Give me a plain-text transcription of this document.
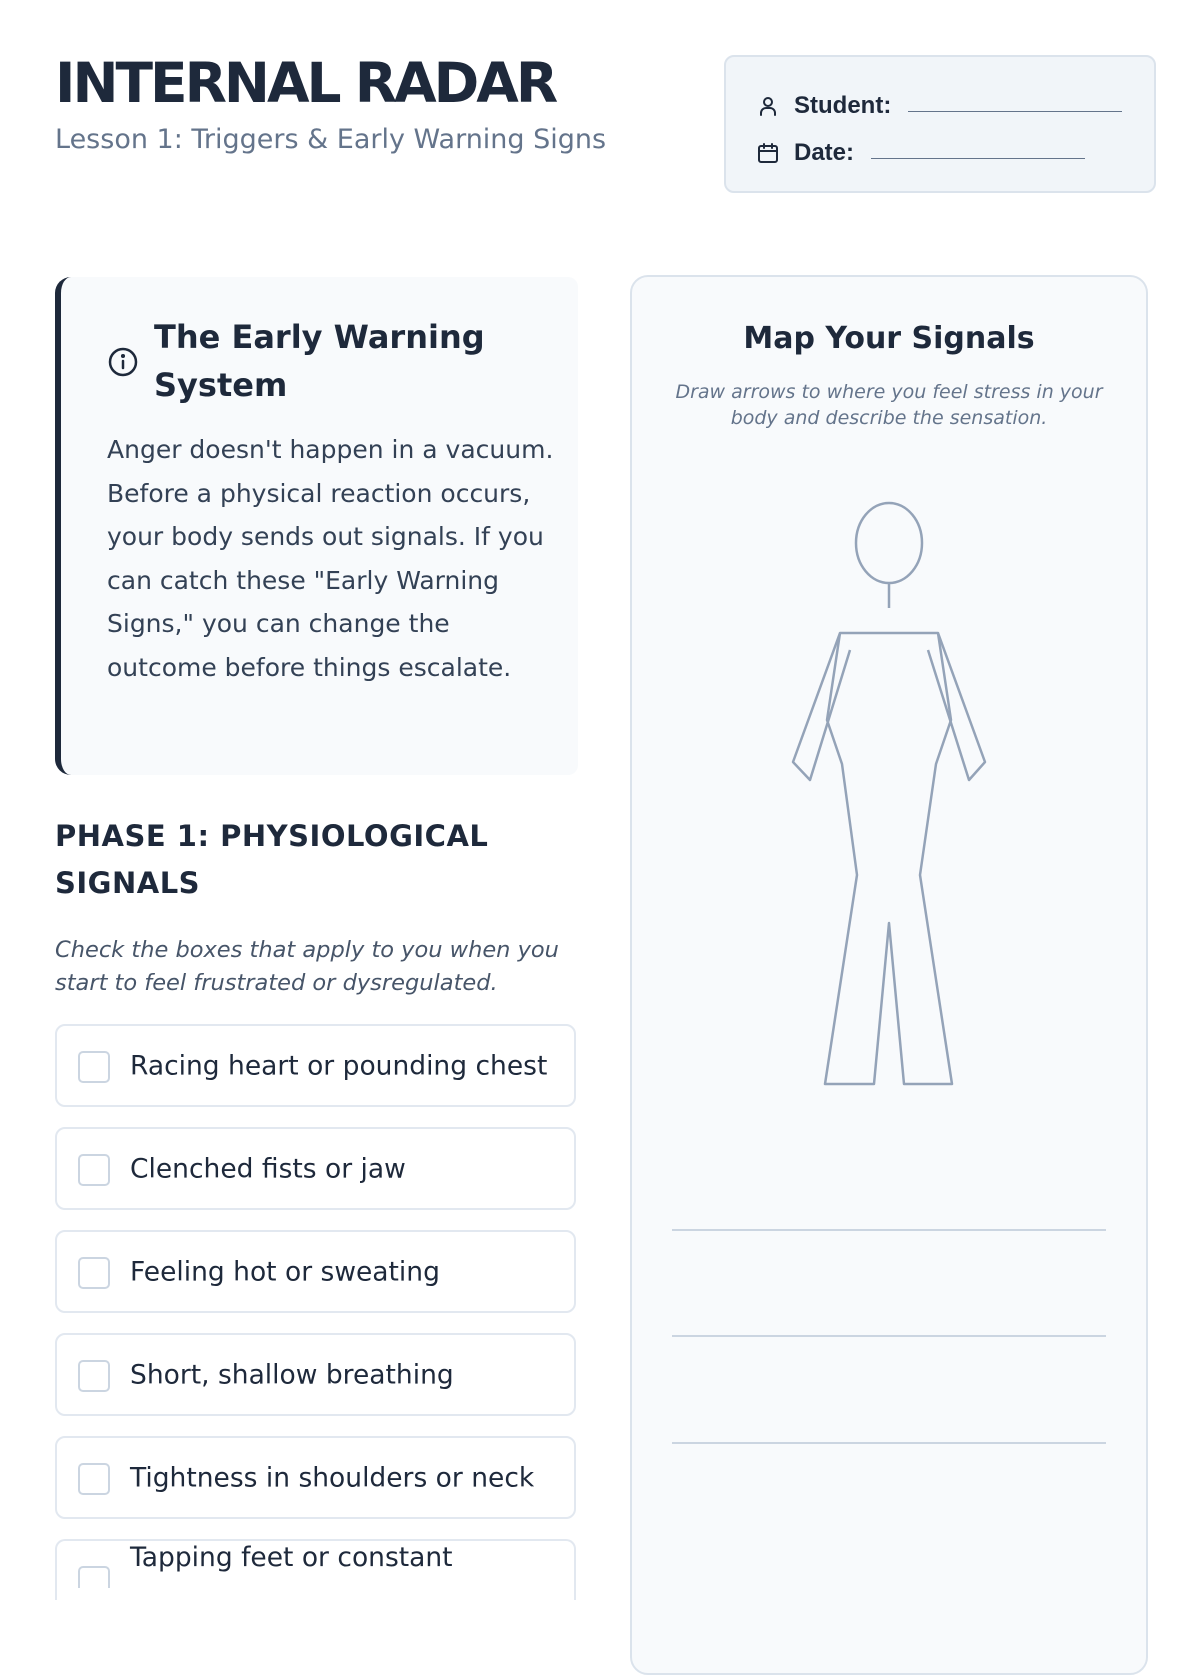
INTERNAL RADAR
Lesson 1: Triggers & Early Warning Signs
Student:
Date:
The Early Warning System
Anger doesn't happen in a vacuum. Before a physical reaction occurs, your body sends out signals. If you can catch these "Early Warning Signs," you can change the outcome before things escalate.
PHASE 1: PHYSIOLOGICAL SIGNALS
Check the boxes that apply to you when you start to feel frustrated or dysregulated.
Racing heart or pounding chest
Clenched fists or jaw
Feeling hot or sweating
Short, shallow breathing
Tightness in shoulders or neck
Tapping feet or constant
Map Your Signals
Draw arrows to where you feel stress in your body and describe the sensation.
